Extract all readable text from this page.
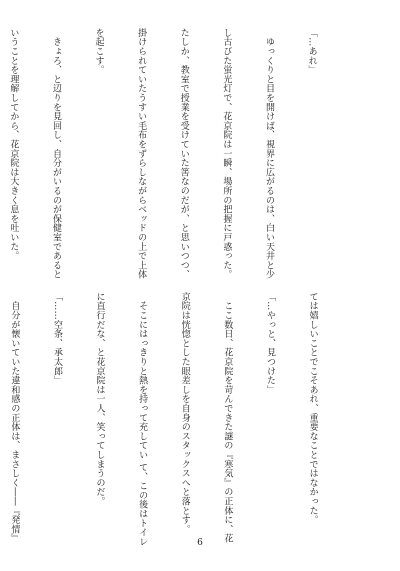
「…あれ」

　ゆっくりと目を開けば、視界に広がるのは、白い天井と少

し古びた蛍光灯で、花京院は一瞬、場所の把握に戸惑った。

たしか、教室で授業を受けていた筈なのだが、と思いつつ、

掛けられていたうすい毛布をずらしながらベッドの上で上体

を起こす。

　きょろ、と辺りを見回し、自分がいるのが保健室であると

いうことを理解してから、花京院は大きく息を吐いた。

ては嬉しいことでこそあれ、重要なことではなかった。

「…やっと、見つけた」

　ここ数日、花京院を苛んできた謎の『寒気』の正体に、花

京院は恍惚とした眼差しを自身のスタックスへと落とす。

　そこにはっきりと熱を持って充してい て、この後はトイレ

に直行だな、と花京院は一人、笑ってしまうのだ。

「……空条、承太郎」

　自分が懐いていた違和感の正体は、まさしく――『発情』

	6
